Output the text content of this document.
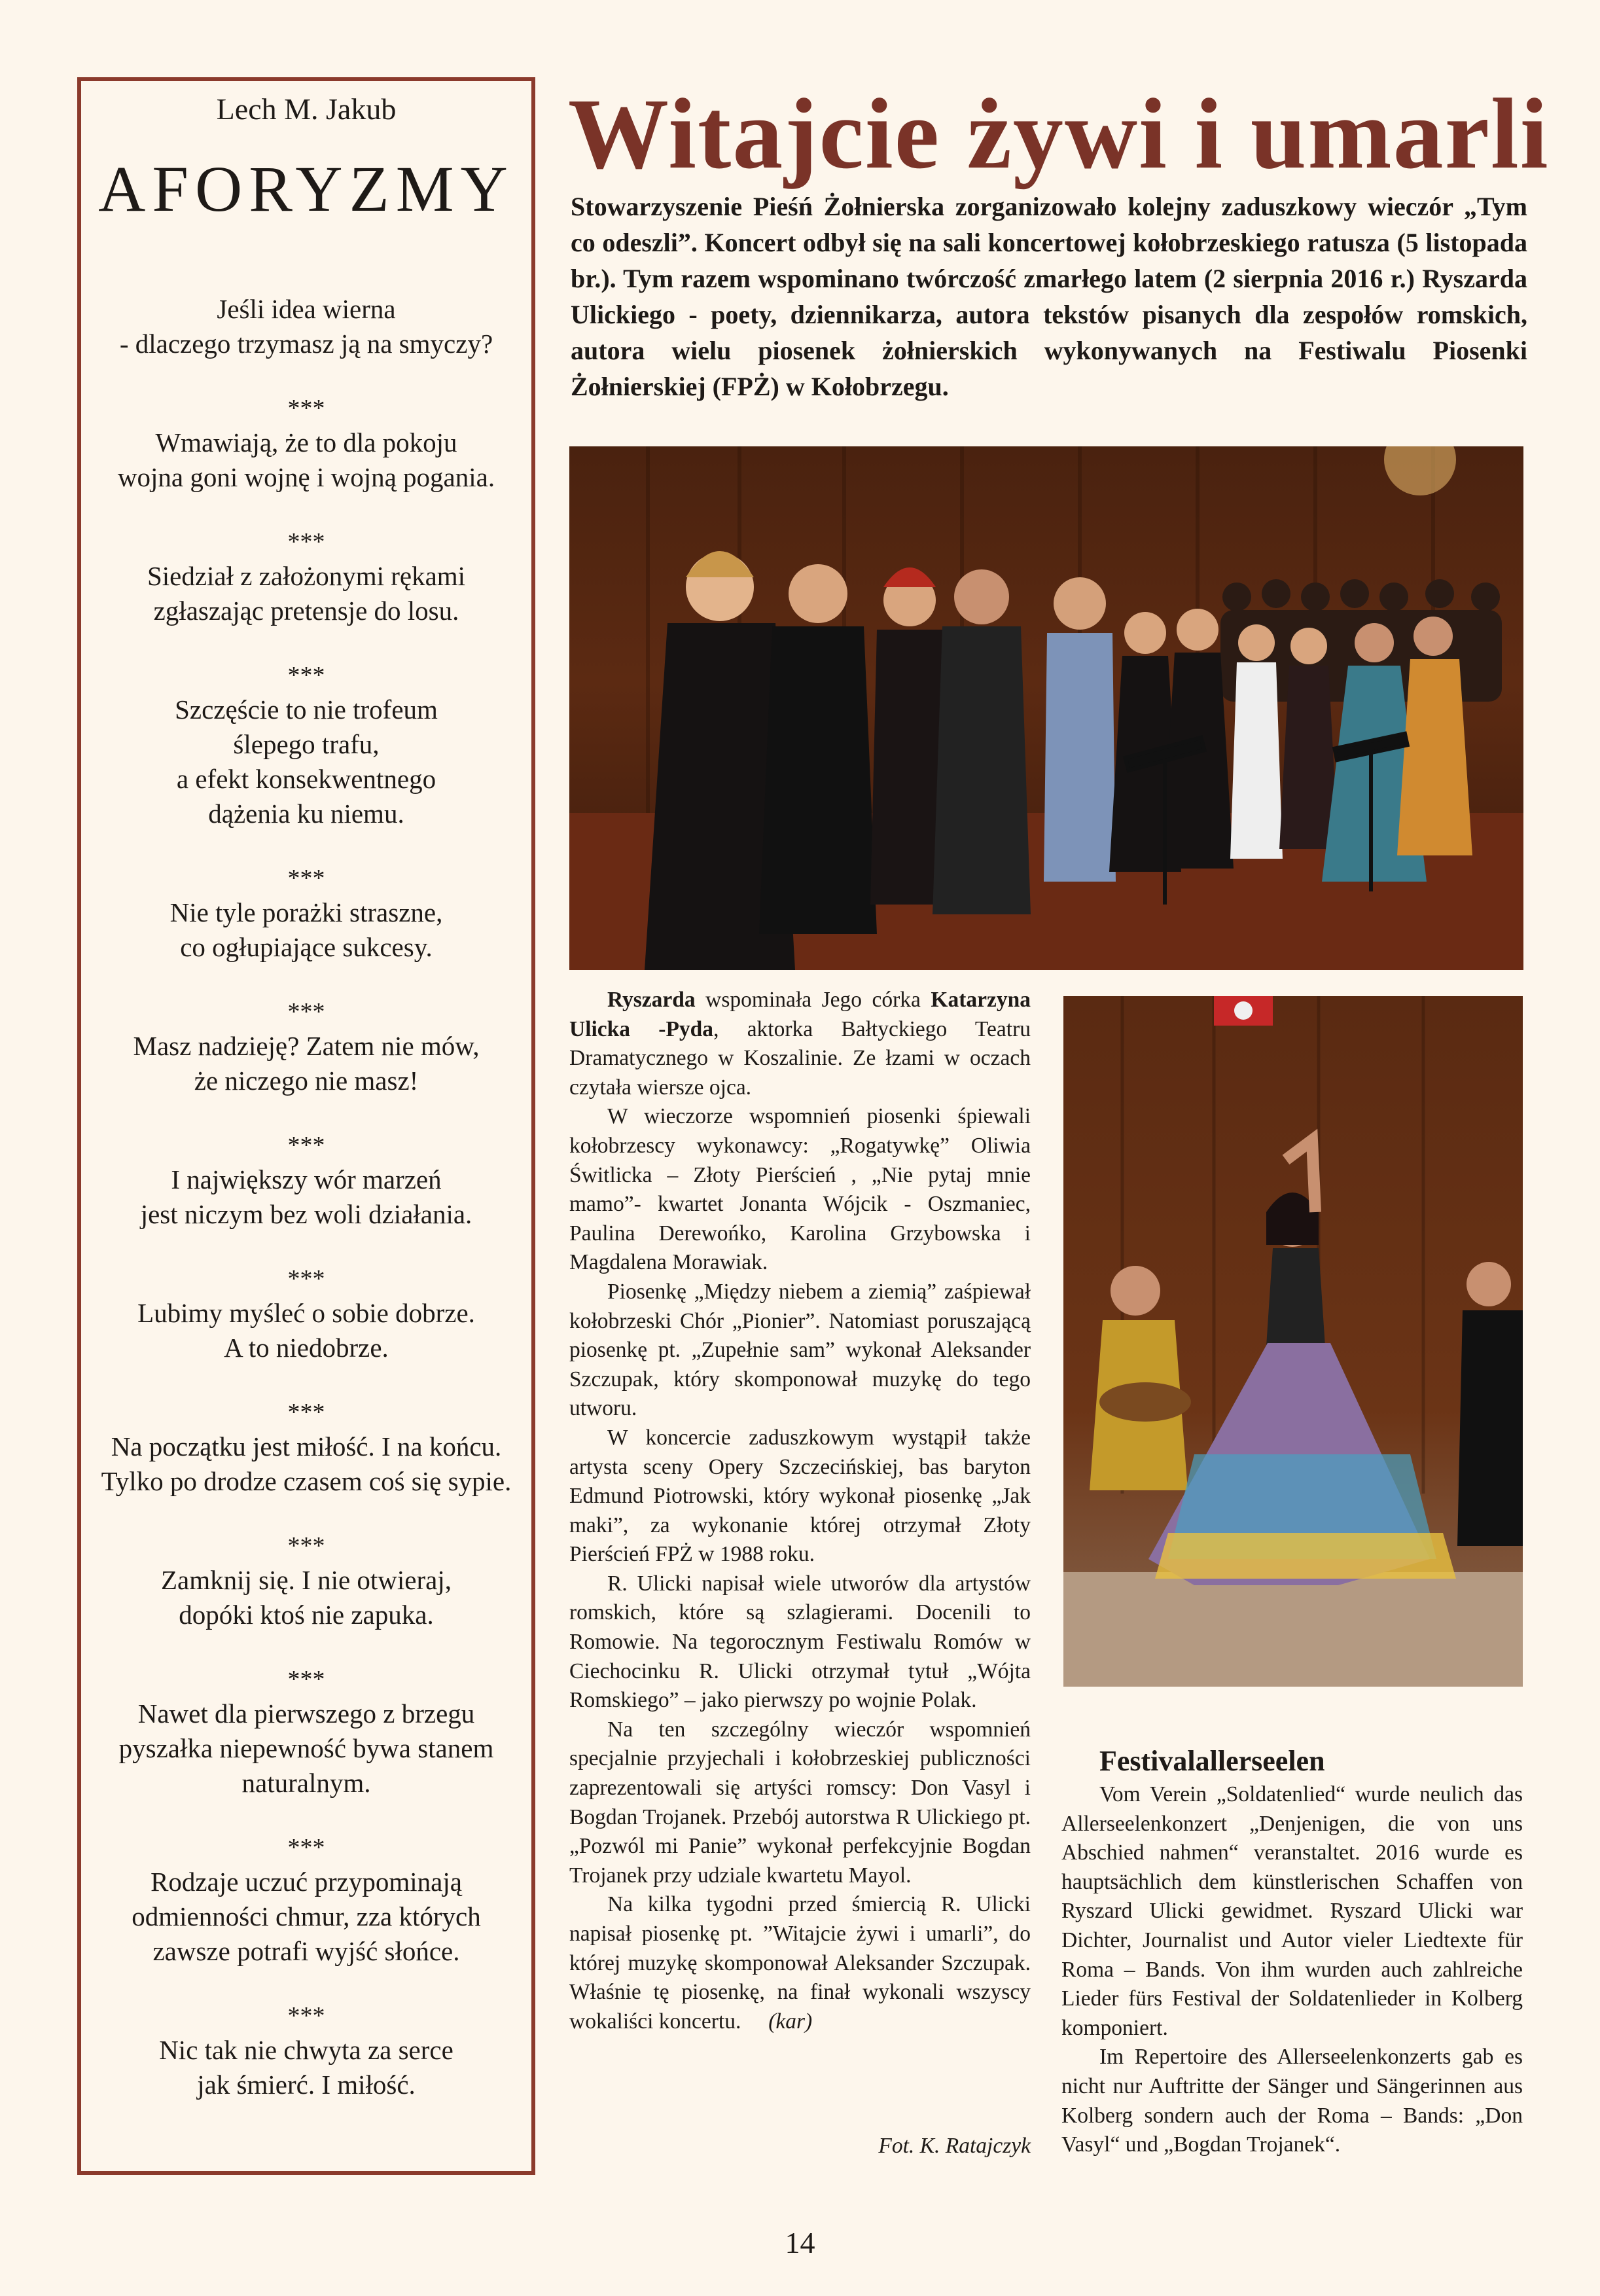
Lech M. Jakub
AFORYZMY
Jeśli idea wierna
- dlaczego trzymasz ją na smyczy?
***
Wmawiają, że to dla pokoju
wojna goni wojnę i wojną pogania.
***
Siedział z założonymi rękami
zgłaszając pretensje do losu.
***
Szczęście to nie trofeum
ślepego trafu,
a efekt konsekwentnego
dążenia ku niemu.
***
Nie tyle porażki straszne,
co ogłupiające sukcesy.
***
Masz nadzieję? Zatem nie mów,
że niczego nie masz!
***
I największy wór marzeń
jest niczym bez woli działania.
***
Lubimy myśleć o sobie dobrze.
A to niedobrze.
***
Na początku jest miłość. I na końcu.
Tylko po drodze czasem coś się sypie.
***
Zamknij się. I nie otwieraj,
dopóki ktoś nie zapuka.
***
Nawet dla pierwszego z brzegu
pyszałka niepewność bywa stanem
naturalnym.
***
Rodzaje uczuć przypominają
odmienności chmur, zza których
zawsze potrafi wyjść słońce.
***
Nic tak nie chwyta za serce
jak śmierć. I miłość.
Witajcie żywi i umarli
Stowarzyszenie Pieśń Żołnierska zorganizowało kolejny zaduszkowy wieczór „Tym co odeszli”. Koncert odbył się na sali koncertowej kołobrzeskiego ratusza (5 listopada br.). Tym razem wspominano twórczość zmarłego latem (2 sierpnia 2016 r.) Ryszarda Ulickiego - poety, dziennikarza, autora tekstów pisanych dla zespołów romskich, autora wielu piosenek żołnierskich wykonywanych na Festiwalu Piosenki Żołnierskiej (FPŻ) w Kołobrzegu.

Ryszarda wspominała Jego córka Katarzyna Ulicka -Pyda, aktorka Bałtyckiego Teatru Dramatycznego w Koszalinie. Ze łzami w oczach czytała wiersze ojca.

W wieczorze wspomnień piosenki śpiewali kołobrzescy wykonawcy: „Rogatywkę” Oliwia Świtlicka – Złoty Pierścień , „Nie pytaj mnie mamo”- kwartet Jonanta Wójcik - Oszmaniec, Paulina Derewońko, Karolina Grzybowska i Magdalena Morawiak.

Piosenkę „Między niebem a ziemią” zaśpiewał kołobrzeski Chór „Pionier”. Natomiast poruszającą piosenkę pt. „Zupełnie sam” wykonał Aleksander Szczupak, który skomponował muzykę do tego utworu.

W koncercie zaduszkowym wystąpił także artysta sceny Opery Szczecińskiej, bas baryton Edmund Piotrowski, który wykonał piosenkę „Jak maki”, za wykonanie której otrzymał Złoty Pierścień FPŻ w 1988 roku.

R. Ulicki napisał wiele utworów dla artystów romskich, które są szlagierami. Docenili to Romowie. Na tegorocznym Festiwalu Romów w Ciechocinku R. Ulicki otrzymał tytuł „Wójta Romskiego” – jako pierwszy po wojnie Polak.

Na ten szczególny wieczór wspomnień specjalnie przyjechali i kołobrzeskiej publiczności zaprezentowali się artyści romscy: Don Vasyl i Bogdan Trojanek. Przebój autorstwa R Ulickiego pt. „Pozwól mi Panie” wykonał perfekcyjnie Bogdan Trojanek przy udziale kwartetu Mayol.

Na kilka tygodni przed śmiercią R. Ulicki napisał piosenkę pt. ”Witajcie żywi i umarli”, do której muzykę skomponował Aleksander Szczupak. Właśnie tę piosenkę, na finał wykonali wszyscy wokaliści koncertu. (kar)

Fot. K. Ratajczyk
Festivalallerseelen

Vom Verein „Soldatenlied“ wurde neulich das Allerseelenkonzert „Denjenigen, die von uns Abschied nahmen“ veranstaltet. 2016 wurde es hauptsächlich dem künstlerischen Schaffen von Ryszard Ulicki gewidmet. Ryszard Ulicki war Dichter, Journalist und Autor vieler Liedtexte für Roma – Bands. Von ihm wurden auch zahlreiche Lieder fürs Festival der Soldatenlieder in Kolberg komponiert.

Im Repertoire des Allerseelenkonzerts gab es nicht nur Auftritte der Sänger und Sängerinnen aus Kolberg sondern auch der Roma – Bands: „Don Vasyl“ und „Bogdan Trojanek“.

14
